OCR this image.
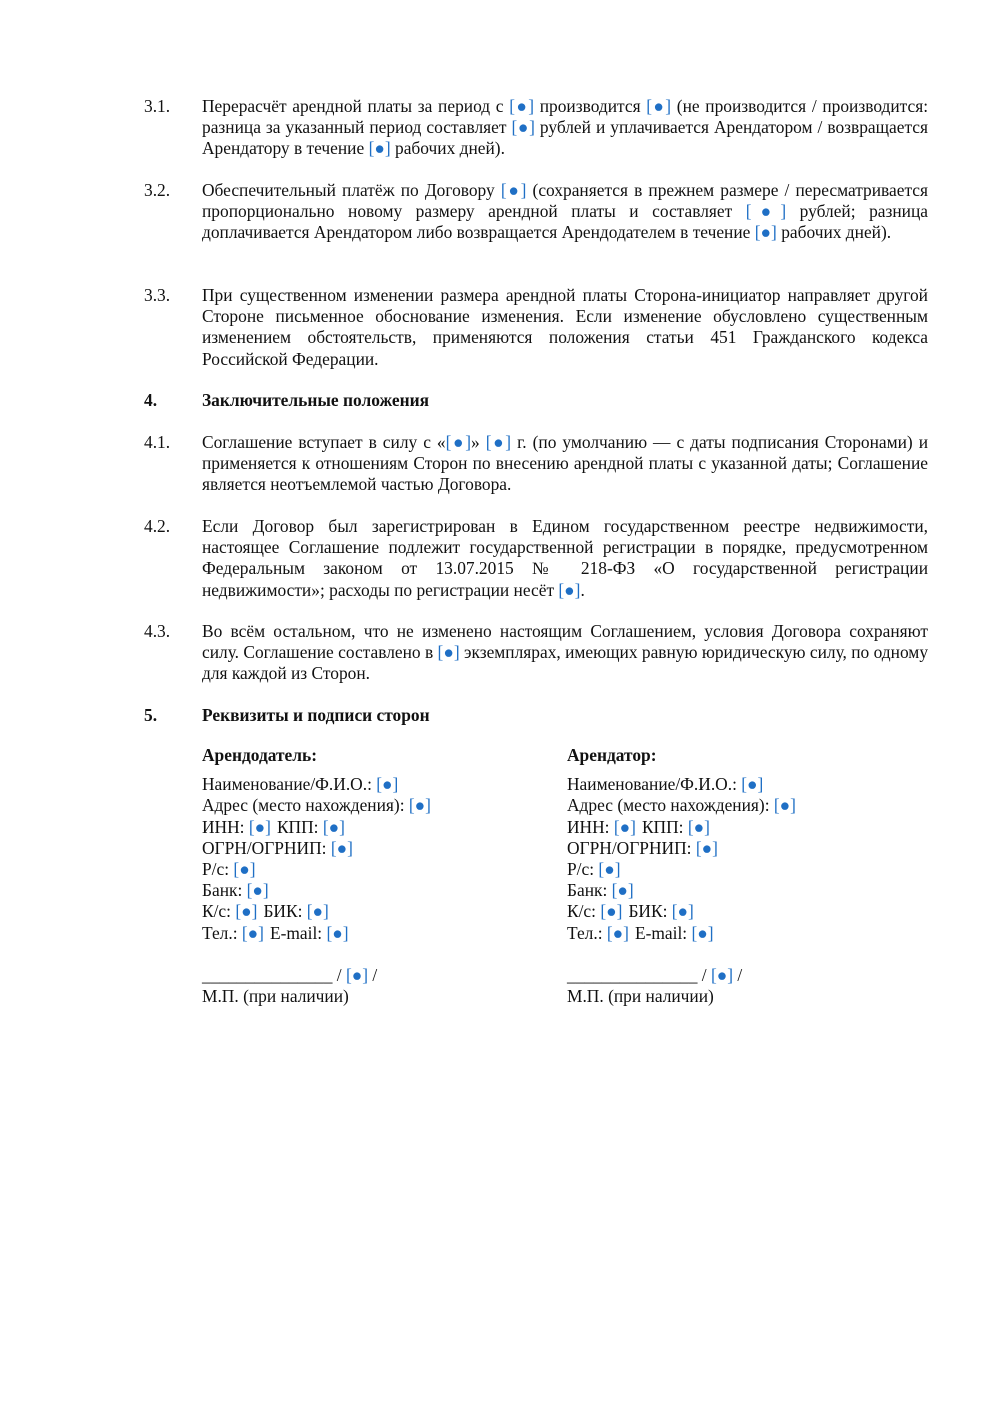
3.1.	Перерасчёт арендной платы за период с [●] производится [●] (не производится / производится: разница за указанный период составляет [●] рублей и уплачивается Арендатором / возвращается Арендатору в течение [●] рабочих дней).
3.2.	Обеспечительный платёж по Договору [●] (сохраняется в прежнем размере / пересматривается пропорционально новому размеру арендной платы и составляет [●] рублей; разница доплачивается Арендатором либо возвращается Арендодателем в течение [●] рабочих дней).
3.3.	При существенном изменении размера арендной платы Сторона-инициатор направляет другой Стороне письменное обоснование изменения. Если изменение обусловлено существенным изменением обстоятельств, применяются положения статьи 451 Гражданского кодекса Российской Федерации.
4.	Заключительные положения
4.1.	Соглашение вступает в силу с «[●]» [●] г. (по умолчанию — с даты подписания Сторонами) и применяется к отношениям Сторон по внесению арендной платы с указанной даты; Соглашение является неотъемлемой частью Договора.
4.2.	Если Договор был зарегистрирован в Едином государственном реестре недвижимости, настоящее Соглашение подлежит государственной регистрации в порядке, предусмотренном Федеральным законом от 13.07.2015 № 218-ФЗ «О государственной регистрации недвижимости»; расходы по регистрации несёт [●].
4.3.	Во всём остальном, что не изменено настоящим Соглашением, условия Договора сохраняют силу. Соглашение составлено в [●] экземплярах, имеющих равную юридическую силу, по одному для каждой из Сторон.
5.	Реквизиты и подписи сторон
Арендодатель:
Наименование/Ф.И.О.: [●]
Адрес (место нахождения): [●]
ИНН: [●] КПП: [●]
ОГРН/ОГРНИП: [●]
Р/с: [●]
Банк: [●]
К/с: [●] БИК: [●]
Тел.: [●] E-mail: [●]
_______________ / [●] /
М.П. (при наличии)
Арендатор:
Наименование/Ф.И.О.: [●]
Адрес (место нахождения): [●]
ИНН: [●] КПП: [●]
ОГРН/ОГРНИП: [●]
Р/с: [●]
Банк: [●]
К/с: [●] БИК: [●]
Тел.: [●] E-mail: [●]
_______________ / [●] /
М.П. (при наличии)
